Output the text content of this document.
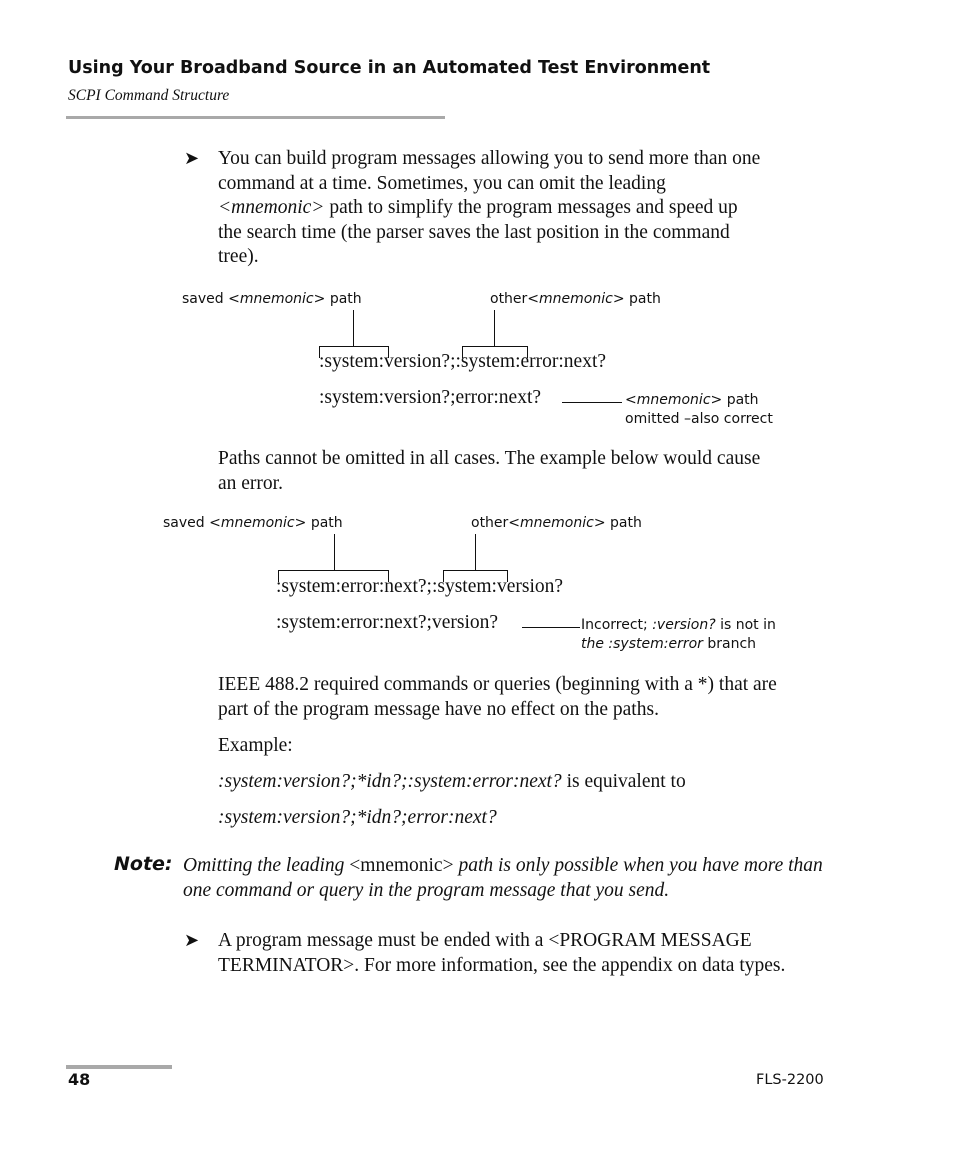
Using Your Broadband Source in an Automated Test Environment
SCPI Command Structure
➤ You can build program messages allowing you to send more than one
command at a time. Sometimes, you can omit the leading
<mnemonic> path to simplify the program messages and speed up
the search time (the parser saves the last position in the command
tree).
saved <mnemonic> path	other<mnemonic> path
:system:version?;:system:error:next?
:system:version?;error:next?	<mnemonic> path
omitted –also correct
Paths cannot be omitted in all cases. The example below would cause
an error.
saved <mnemonic> path	other<mnemonic> path
:system:error:next?;:system:version?
:system:error:next?;version?	Incorrect; :version? is not in
the :system:error branch
IEEE 488.2 required commands or queries (beginning with a *) that are
part of the program message have no effect on the paths.
Example:
:system:version?;*idn?;:system:error:next? is equivalent to
:system:version?;*idn?;error:next?
Note: Omitting the leading <mnemonic> path is only possible when you have more than one command or query in the program message that you send.
➤ A program message must be ended with a <PROGRAM MESSAGE
TERMINATOR>. For more information, see the appendix on data types.
48	FLS-2200
